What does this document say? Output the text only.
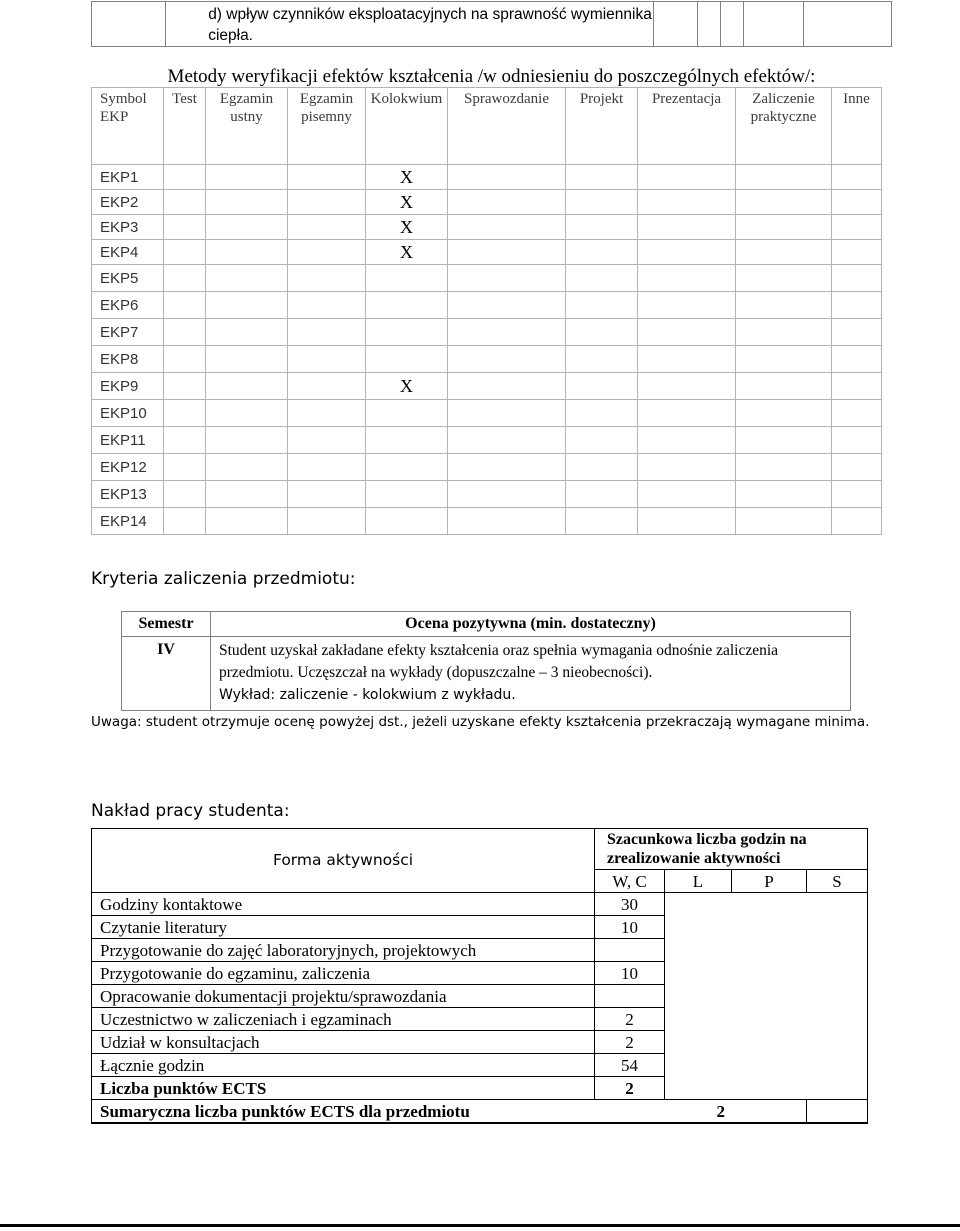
d) wpływ czynników eksploatacyjnych na sprawność wymiennika ciepła.

Metody weryfikacji efektów kształcenia /w odniesieniu do poszczególnych efektów/:
Symbol EKP	Test	Egzamin ustny	Egzamin pisemny	Kolokwium	Sprawozdanie	Projekt	Prezentacja	Zaliczenie praktyczne	Inne
EKP1				X					
EKP2				X					
EKP3				X					
EKP4				X					
EKP5									
EKP6									
EKP7									
EKP8									
EKP9				X					
EKP10									
EKP11									
EKP12									
EKP13									
EKP14									
Kryteria zaliczenia przedmiotu:
Semestr	Ocena pozytywna (min. dostateczny)
IV	Student uzyskał zakładane efekty kształcenia oraz spełnia wymagania odnośnie zaliczenia przedmiotu. Uczęszczał na wykłady (dopuszczalne – 3 nieobecności).
Wykład: zaliczenie - kolokwium z wykładu.
Uwaga: student otrzymuje ocenę powyżej dst., jeżeli uzyskane efekty kształcenia przekraczają wymagane minima.
Nakład pracy studenta:
Forma aktywności	Szacunkowa liczba godzin na zrealizowanie aktywności			
	W, C	L	P	S
Godziny kontaktowe	30			
Czytanie literatury	10			
Przygotowanie do zajęć laboratoryjnych, projektowych				
Przygotowanie do egzaminu, zaliczenia	10			
Opracowanie dokumentacji projektu/sprawozdania				
Uczestnictwo w zaliczeniach i egzaminach	2			
Udział w konsultacjach	2			
Łącznie godzin	54			
Liczba punktów ECTS	2			
Sumaryczna liczba punktów ECTS dla przedmiotu		2		
